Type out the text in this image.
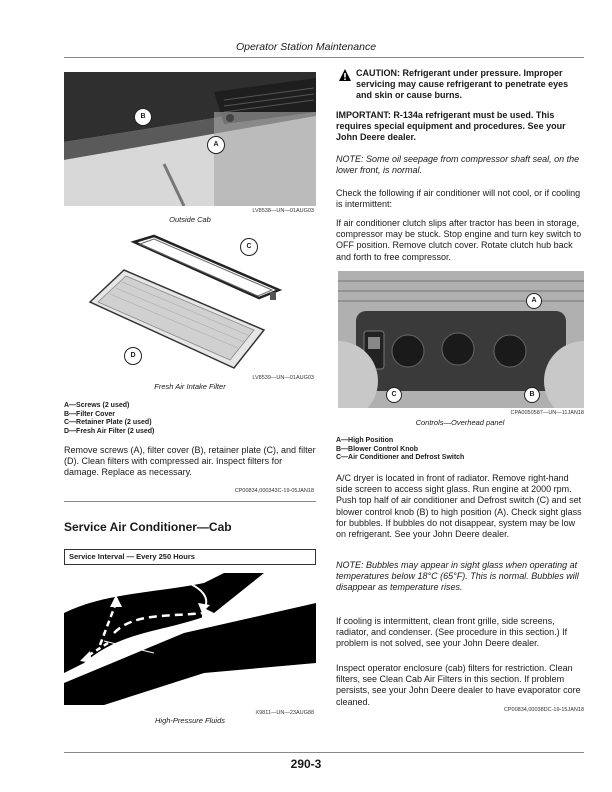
Operator Station Maintenance
B
A
LV8538—UN—01AUG03
Outside Cab
C
D
LV8539—UN—01AUG03
Fresh Air Intake Filter
A—Screws (2 used)
B—Filter Cover
C—Retainer Plate (2 used)
D—Fresh Air Filter (2 used)
Remove screws (A), filter cover (B), retainer plate (C), and filter (D). Clean filters with compressed air. Inspect filters for damage. Replace as necessary.
CP00834,000343C-19-05JAN18
Service Air Conditioner—Cab
Service Interval — Every 250 Hours
X9811—UN—23AUG88
High-Pressure Fluids
CAUTION: Refrigerant under pressure. Improper servicing may cause refrigerant to penetrate eyes and skin or cause burns.
IMPORTANT: R-134a refrigerant must be used. This requires special equipment and procedures. See your John Deere dealer.
NOTE: Some oil seepage from compressor shaft seal, on the lower front, is normal.
Check the following if air conditioner will not cool, or if cooling is intermittent:
If air conditioner clutch slips after tractor has been in storage, compressor may be stuck. Stop engine and turn key switch to OFF position. Remove clutch cover. Rotate clutch hub back and forth to free compressor.
A
B
C
CPA0050587—UN—11JAN18
Controls—Overhead panel
A—High Position
B—Blower Control Knob
C—Air Conditioner and Defrost Switch
A/C dryer is located in front of radiator. Remove right-hand side screen to access sight glass. Run engine at 2000 rpm. Push top half of air conditioner and Defrost switch (C) and set blower control knob (B) to high position (A). Check sight glass for bubbles. If bubbles do not disappear, system may be low on refrigerant. See your John Deere dealer.
NOTE: Bubbles may appear in sight glass when operating at temperatures below 18°C (65°F). This is normal. Bubbles will disappear as temperature rises.
If cooling is intermittent, clean front grille, side screens, radiator, and condenser. (See procedure in this section.) If problem is not solved, see your John Deere dealer.
Inspect operator enclosure (cab) filters for restriction. Clean filters, see Clean Cab Air Filters in this section. If problem persists, see your John Deere dealer to have evaporator core cleaned.
CP00834,00038DC-19-15JAN18
290-3
